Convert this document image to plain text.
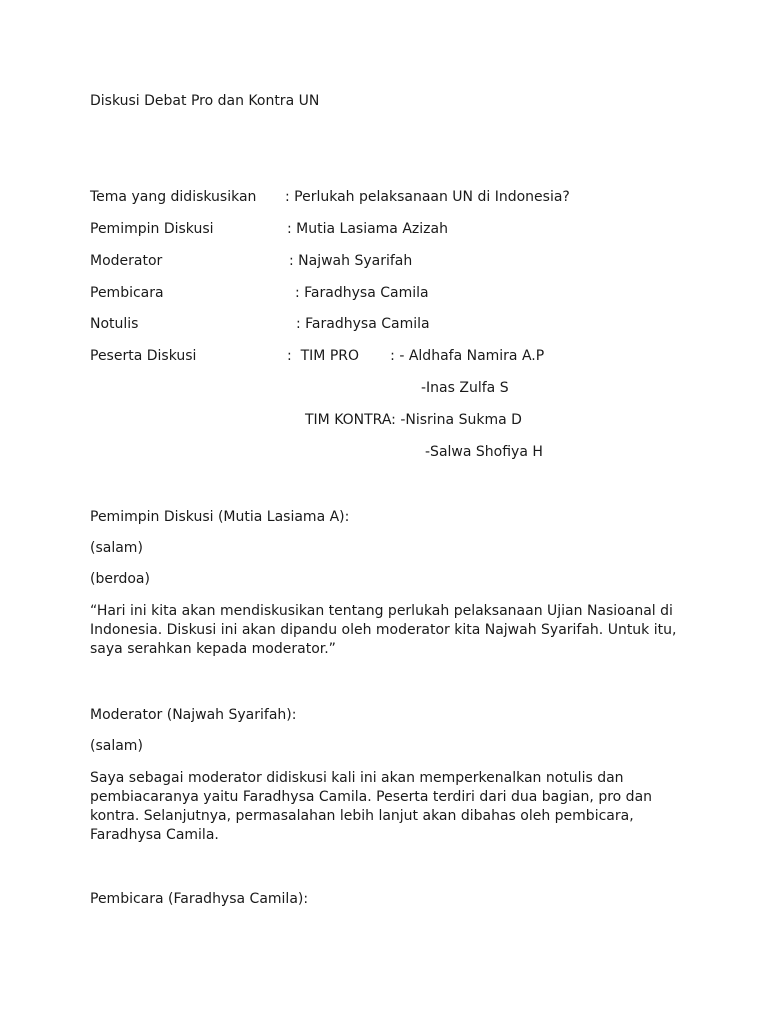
Diskusi Debat Pro dan Kontra UN
Tema yang didiskusikan : Perlukah pelaksanaan UN di Indonesia?
Pemimpin Diskusi	: Mutia Lasiama Azizah
Moderator	: Najwah Syarifah
Pembicara	: Faradhysa Camila
Notulis	: Faradhysa Camila
Peserta Diskusi	:  TIM PRO       : - Aldhafa Namira A.P
-Inas Zulfa S
TIM KONTRA: -Nisrina Sukma D
-Salwa Shofiya H
Pemimpin Diskusi (Mutia Lasiama A):
(salam)
(berdoa)
“Hari ini kita akan mendiskusikan tentang perlukah pelaksanaan Ujian Nasioanal di Indonesia. Diskusi ini akan dipandu oleh moderator kita Najwah Syarifah. Untuk itu, saya serahkan kepada moderator.”
Moderator (Najwah Syarifah):
(salam)
Saya sebagai moderator didiskusi kali ini akan memperkenalkan notulis dan pembiacaranya yaitu Faradhysa Camila. Peserta terdiri dari dua bagian, pro dan kontra. Selanjutnya, permasalahan lebih lanjut akan dibahas oleh pembicara, Faradhysa Camila.
Pembicara (Faradhysa Camila):
